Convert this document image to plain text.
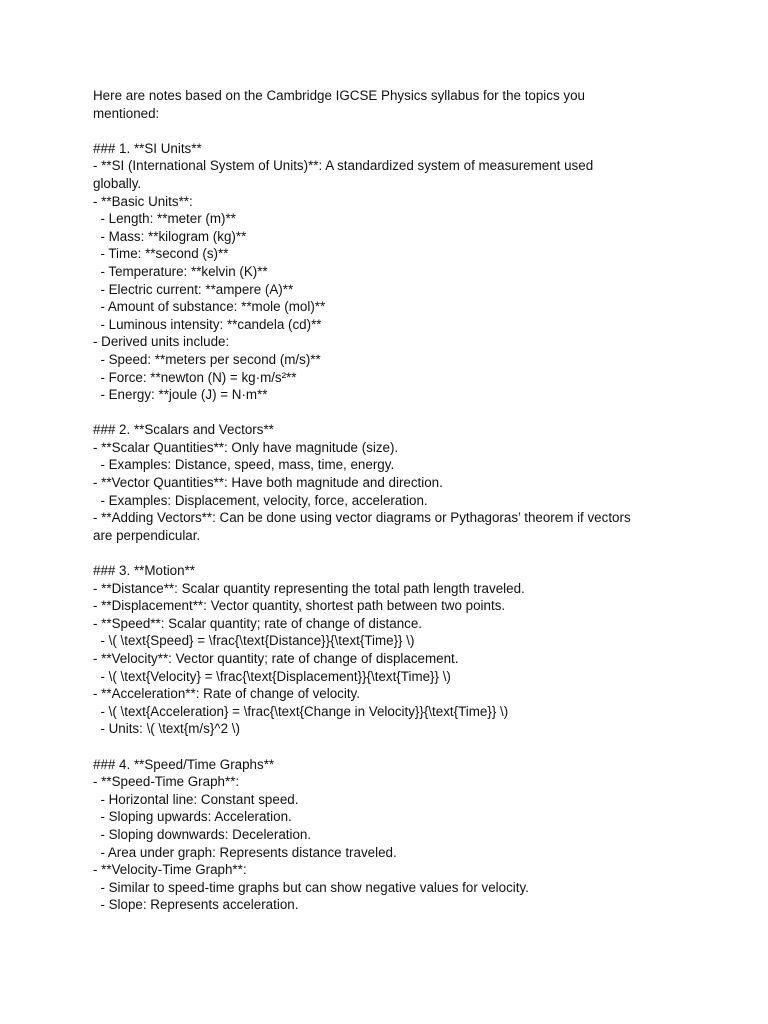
Here are notes based on the Cambridge IGCSE Physics syllabus for the topics you

mentioned:

### 1. **SI Units**

- **SI (International System of Units)**: A standardized system of measurement used

globally.

- **Basic Units**:

- Length: **meter (m)**

- Mass: **kilogram (kg)**

- Time: **second (s)**

- Temperature: **kelvin (K)**

- Electric current: **ampere (A)**

- Amount of substance: **mole (mol)**

- Luminous intensity: **candela (cd)**

- Derived units include:

- Speed: **meters per second (m/s)**

- Force: **newton (N) = kg·m/s²**

- Energy: **joule (J) = N·m**

### 2. **Scalars and Vectors**

- **Scalar Quantities**: Only have magnitude (size).

- Examples: Distance, speed, mass, time, energy.

- **Vector Quantities**: Have both magnitude and direction.

- Examples: Displacement, velocity, force, acceleration.

- **Adding Vectors**: Can be done using vector diagrams or Pythagoras’ theorem if vectors

are perpendicular.

### 3. **Motion**

- **Distance**: Scalar quantity representing the total path length traveled.

- **Displacement**: Vector quantity, shortest path between two points.

- **Speed**: Scalar quantity; rate of change of distance.

- \( \text{Speed} = \frac{\text{Distance}}{\text{Time}} \)

- **Velocity**: Vector quantity; rate of change of displacement.

- \( \text{Velocity} = \frac{\text{Displacement}}{\text{Time}} \)

- **Acceleration**: Rate of change of velocity.

- \( \text{Acceleration} = \frac{\text{Change in Velocity}}{\text{Time}} \)

- Units: \( \text{m/s}^2 \)

### 4. **Speed/Time Graphs**

- **Speed-Time Graph**:

- Horizontal line: Constant speed.

- Sloping upwards: Acceleration.

- Sloping downwards: Deceleration.

- Area under graph: Represents distance traveled.

- **Velocity-Time Graph**:

- Similar to speed-time graphs but can show negative values for velocity.

- Slope: Represents acceleration.
